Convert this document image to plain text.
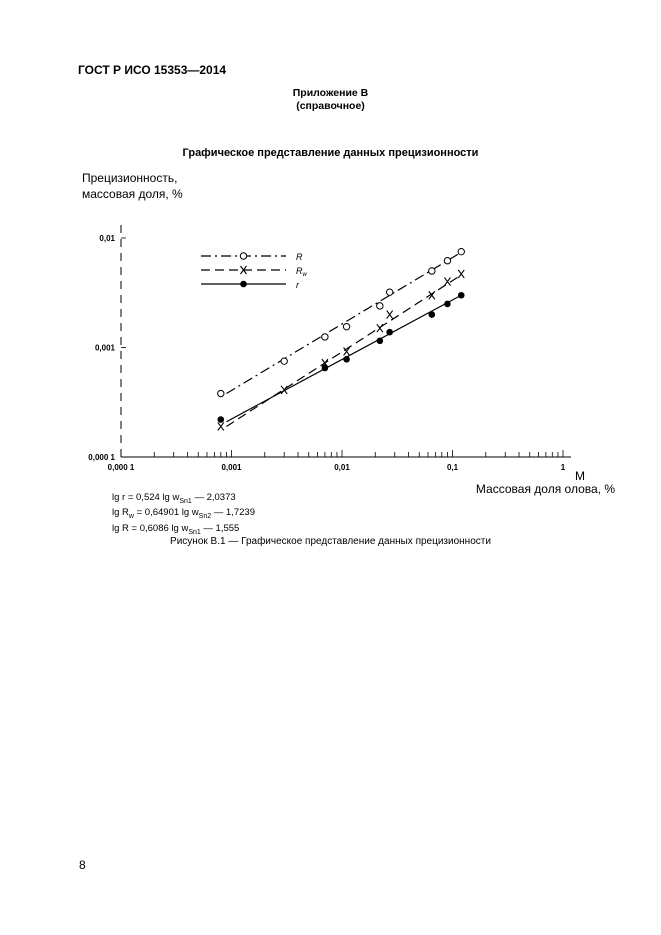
ГОСТ Р ИСО 15353—2014
Приложение В
(справочное)
Графическое представление данных прецизионности
Прецизионность,
массовая доля, %
0,000 1	0,001	0,01	0,1	1
0,000 1
0,001
0,01
R
$R_w$
r
M
Массовая доля олова, %
lg r = 0,524 $\lg w_{Sn1}$ — 2,0373
$\lg R_w = 0,64901$ $\lg w_{Sn2}$ — 1,7239
lg R = 0,6086 $\lg w_{Sn1}$ — 1,555
Рисунок В.1 — Графическое представление данных прецизионности
8
